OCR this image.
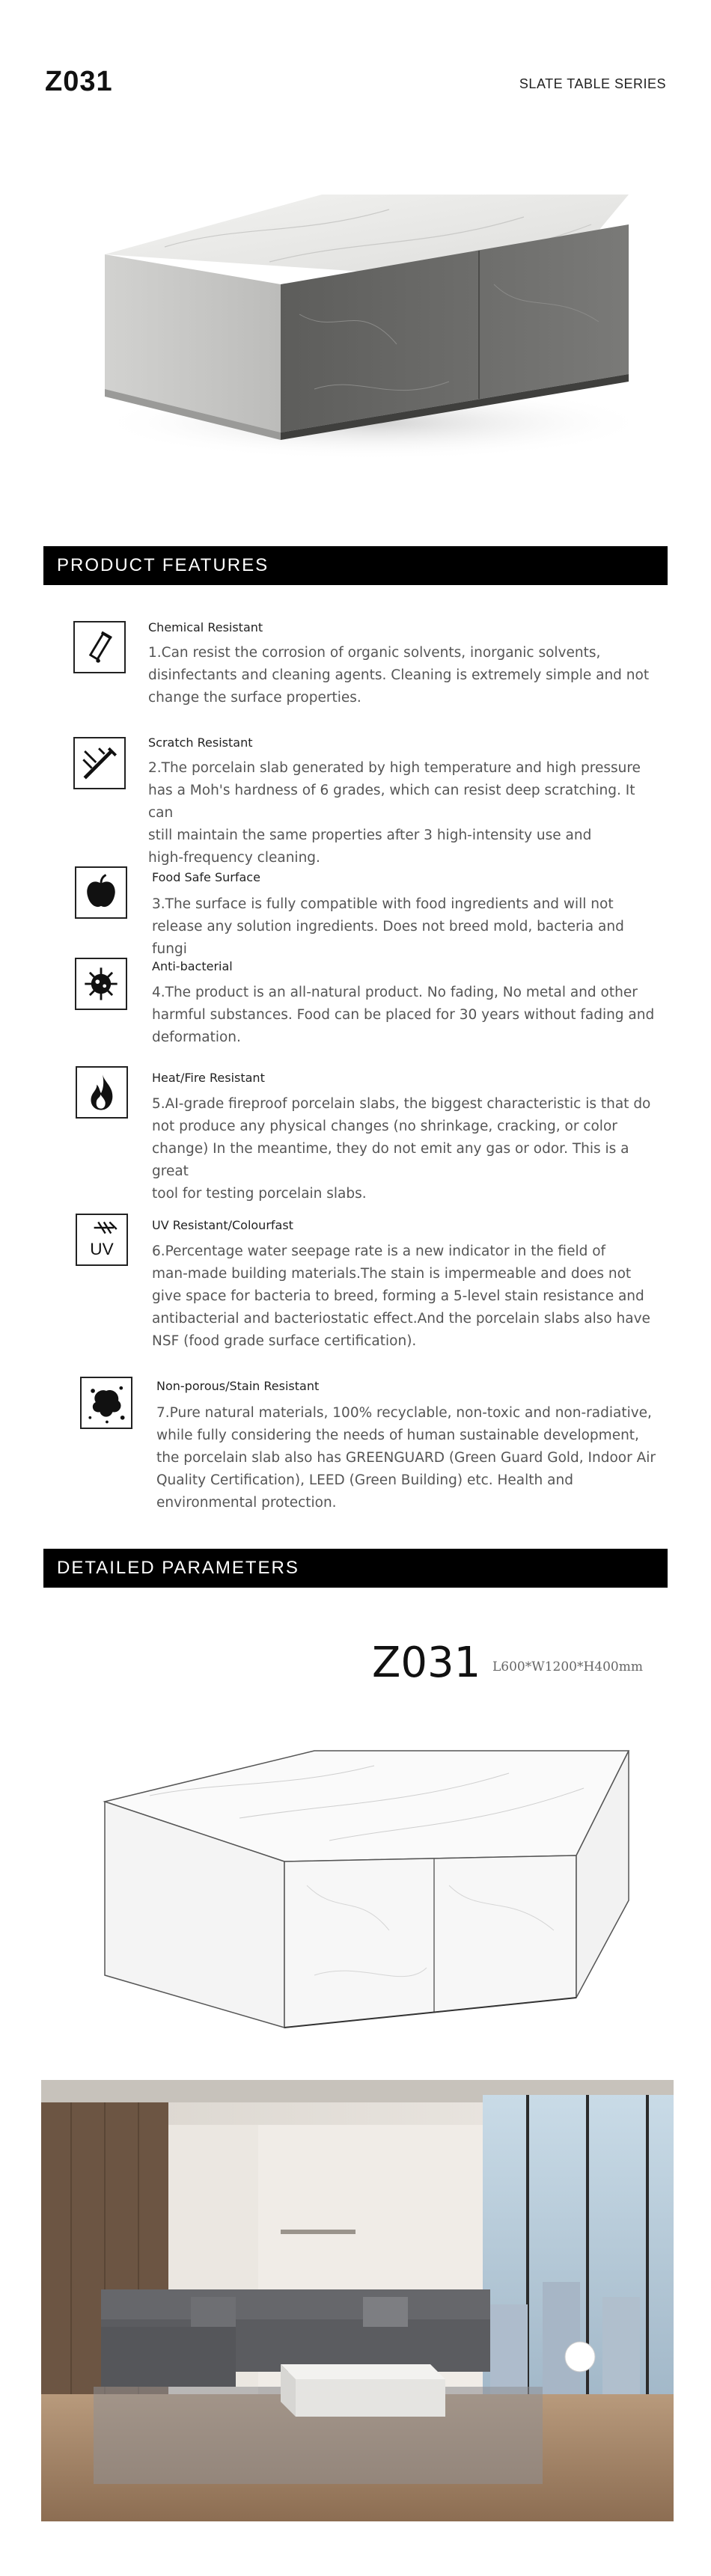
Z031	SLATE TABLE SERIES
PRODUCT FEATURES
Chemical Resistant
1.Can resist the corrosion of organic solvents, inorganic solvents,
disinfectants and cleaning agents. Cleaning is extremely simple and not
change the surface properties.
Scratch Resistant
2.The porcelain slab generated by high temperature and high pressure
has a Moh's hardness of 6 grades, which can resist deep scratching. It can
still maintain the same properties after 3 high-intensity use and
high-frequency cleaning.
Food Safe Surface
3.The surface is fully compatible with food ingredients and will not
release any solution ingredients. Does not breed mold, bacteria and fungi
Anti-bacterial
4.The product is an all-natural product. No fading, No metal and other
harmful substances. Food can be placed for 30 years without fading and
deformation.
Heat/Fire Resistant
5.AI-grade fireproof porcelain slabs, the biggest characteristic is that do
not produce any physical changes (no shrinkage, cracking, or color
change) In the meantime, they do not emit any gas or odor. This is a great
tool for testing porcelain slabs.
UV
UV Resistant/Colourfast
6.Percentage water seepage rate is a new indicator in the field of
man-made building materials.The stain is impermeable and does not
give space for bacteria to breed, forming a 5-level stain resistance and
antibacterial and bacteriostatic effect.And the porcelain slabs also have
NSF (food grade surface certification).
Non-porous/Stain Resistant
7.Pure natural materials, 100% recyclable, non-toxic and non-radiative,
while fully considering the needs of human sustainable development,
the porcelain slab also has GREENGUARD (Green Guard Gold, Indoor Air
Quality Certification), LEED (Green Building) etc. Health and
environmental protection.
DETAILED PARAMETERS
Z031 L600*W1200*H400mm
